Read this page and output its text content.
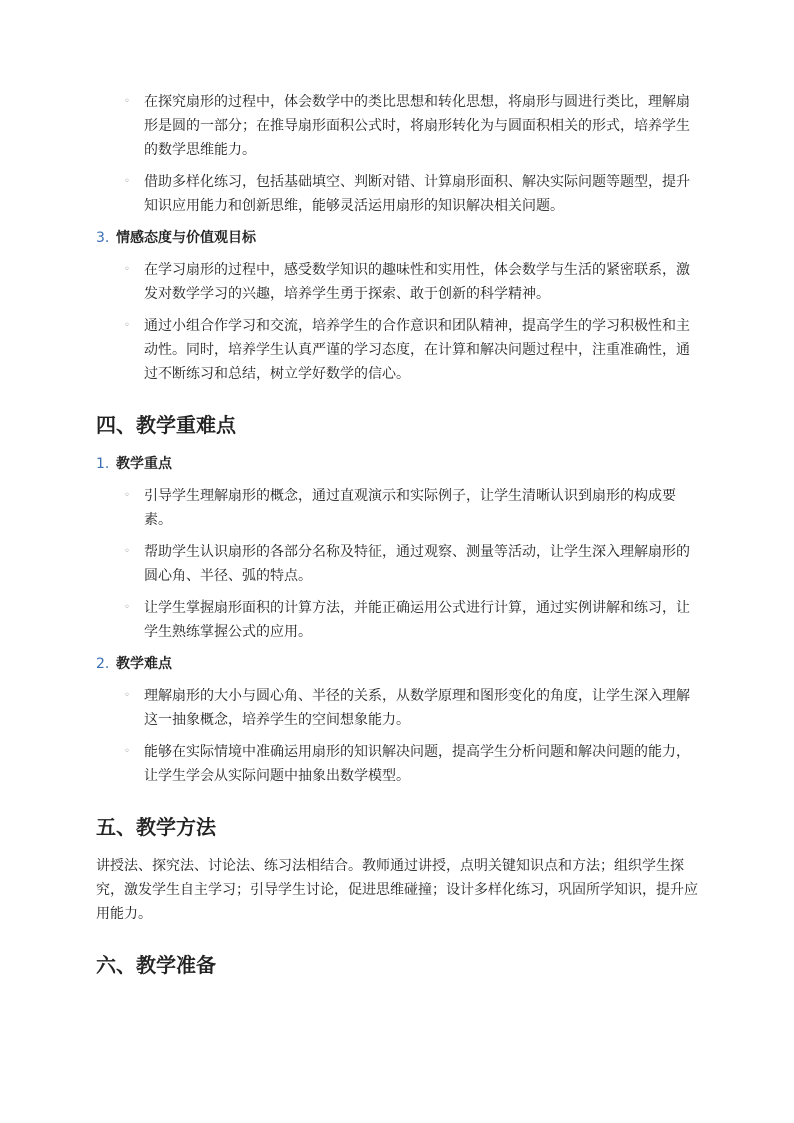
◦	在探究扇形的过程中，体会数学中的类比思想和转化思想，将扇形与圆进行类比，理解扇形是圆的一部分；在推导扇形面积公式时，将扇形转化为与圆面积相关的形式，培养学生的数学思维能力。
◦	借助多样化练习，包括基础填空、判断对错、计算扇形面积、解决实际问题等题型，提升知识应用能力和创新思维，能够灵活运用扇形的知识解决相关问题。
3. 情感态度与价值观目标
◦	在学习扇形的过程中，感受数学知识的趣味性和实用性，体会数学与生活的紧密联系，激发对数学学习的兴趣，培养学生勇于探索、敢于创新的科学精神。
◦	通过小组合作学习和交流，培养学生的合作意识和团队精神，提高学生的学习积极性和主动性。同时，培养学生认真严谨的学习态度，在计算和解决问题过程中，注重准确性，通过不断练习和总结，树立学好数学的信心。
四、教学重难点
1. 教学重点
◦	引导学生理解扇形的概念，通过直观演示和实际例子，让学生清晰认识到扇形的构成要素。
◦	帮助学生认识扇形的各部分名称及特征，通过观察、测量等活动，让学生深入理解扇形的圆心角、半径、弧的特点。
◦	让学生掌握扇形面积的计算方法，并能正确运用公式进行计算，通过实例讲解和练习，让学生熟练掌握公式的应用。
2. 教学难点
◦	理解扇形的大小与圆心角、半径的关系，从数学原理和图形变化的角度，让学生深入理解这一抽象概念，培养学生的空间想象能力。
◦	能够在实际情境中准确运用扇形的知识解决问题，提高学生分析问题和解决问题的能力，让学生学会从实际问题中抽象出数学模型。
五、教学方法

讲授法、探究法、讨论法、练习法相结合。教师通过讲授，点明关键知识点和方法；组织学生探究，激发学生自主学习；引导学生讨论，促进思维碰撞；设计多样化练习，巩固所学知识，提升应用能力。

六、教学准备
